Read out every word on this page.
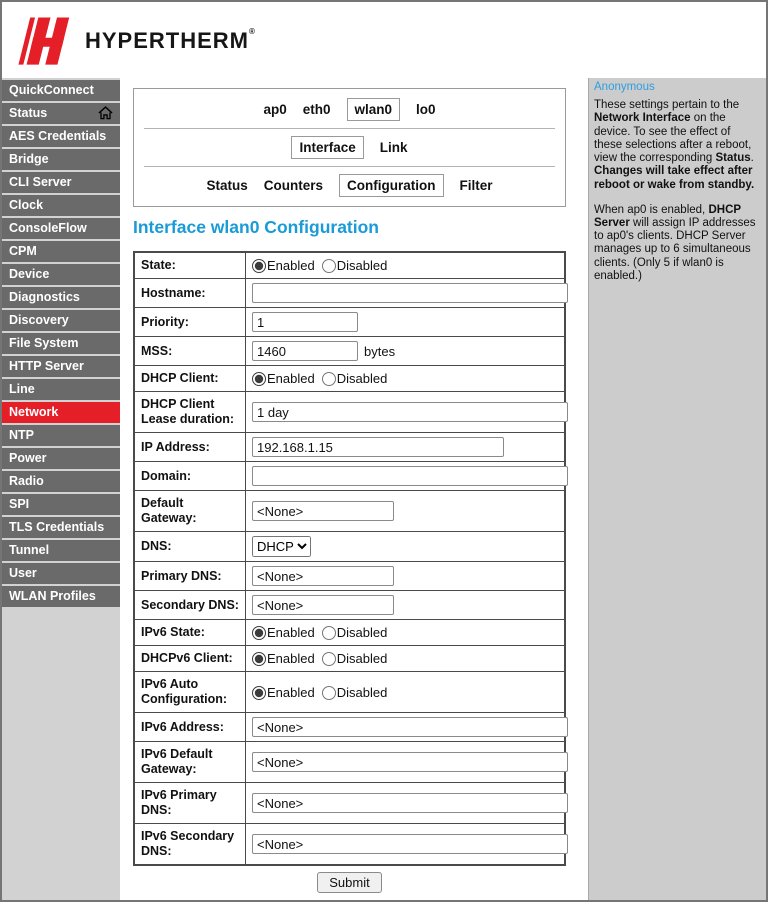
HYPERTHERM®
QuickConnect
Status
AES Credentials
Bridge
CLI Server
Clock
ConsoleFlow
CPM
Device
Diagnostics
Discovery
File System
HTTP Server
Line
Network
NTP
Power
Radio
SPI
TLS Credentials
Tunnel
User
WLAN Profiles
ap0 eth0	wlan0	lo0
Interface	Link
Status Counters	Configuration	Filter
Interface wlan0 Configuration
State:	Enabled Disabled
Hostname:	
Priority:	1
MSS:	1460bytes
DHCP Client:	Enabled Disabled
DHCP Client Lease duration:	1 day
IP Address:	192.168.1.15
Domain:	
Default Gateway:	<None>
DNS:	
DHCP
Primary DNS:	<None>
Secondary DNS:	<None>
IPv6 State:	Enabled Disabled
DHCPv6 Client:	Enabled Disabled
IPv6 Auto Configuration:	Enabled Disabled
IPv6 Address:	<None>
IPv6 Default Gateway:	<None>
IPv6 Primary DNS:	<None>
IPv6 Secondary DNS:	<None>
Submit
Anonymous

These settings pertain to the Network Interface on the device. To see the effect of these selections after a reboot, view the corresponding Status. Changes will take effect after reboot or wake from standby.

When ap0 is enabled, DHCP Server will assign IP addresses to ap0's clients. DHCP Server manages up to 6 simultaneous clients. (Only 5 if wlan0 is enabled.)
